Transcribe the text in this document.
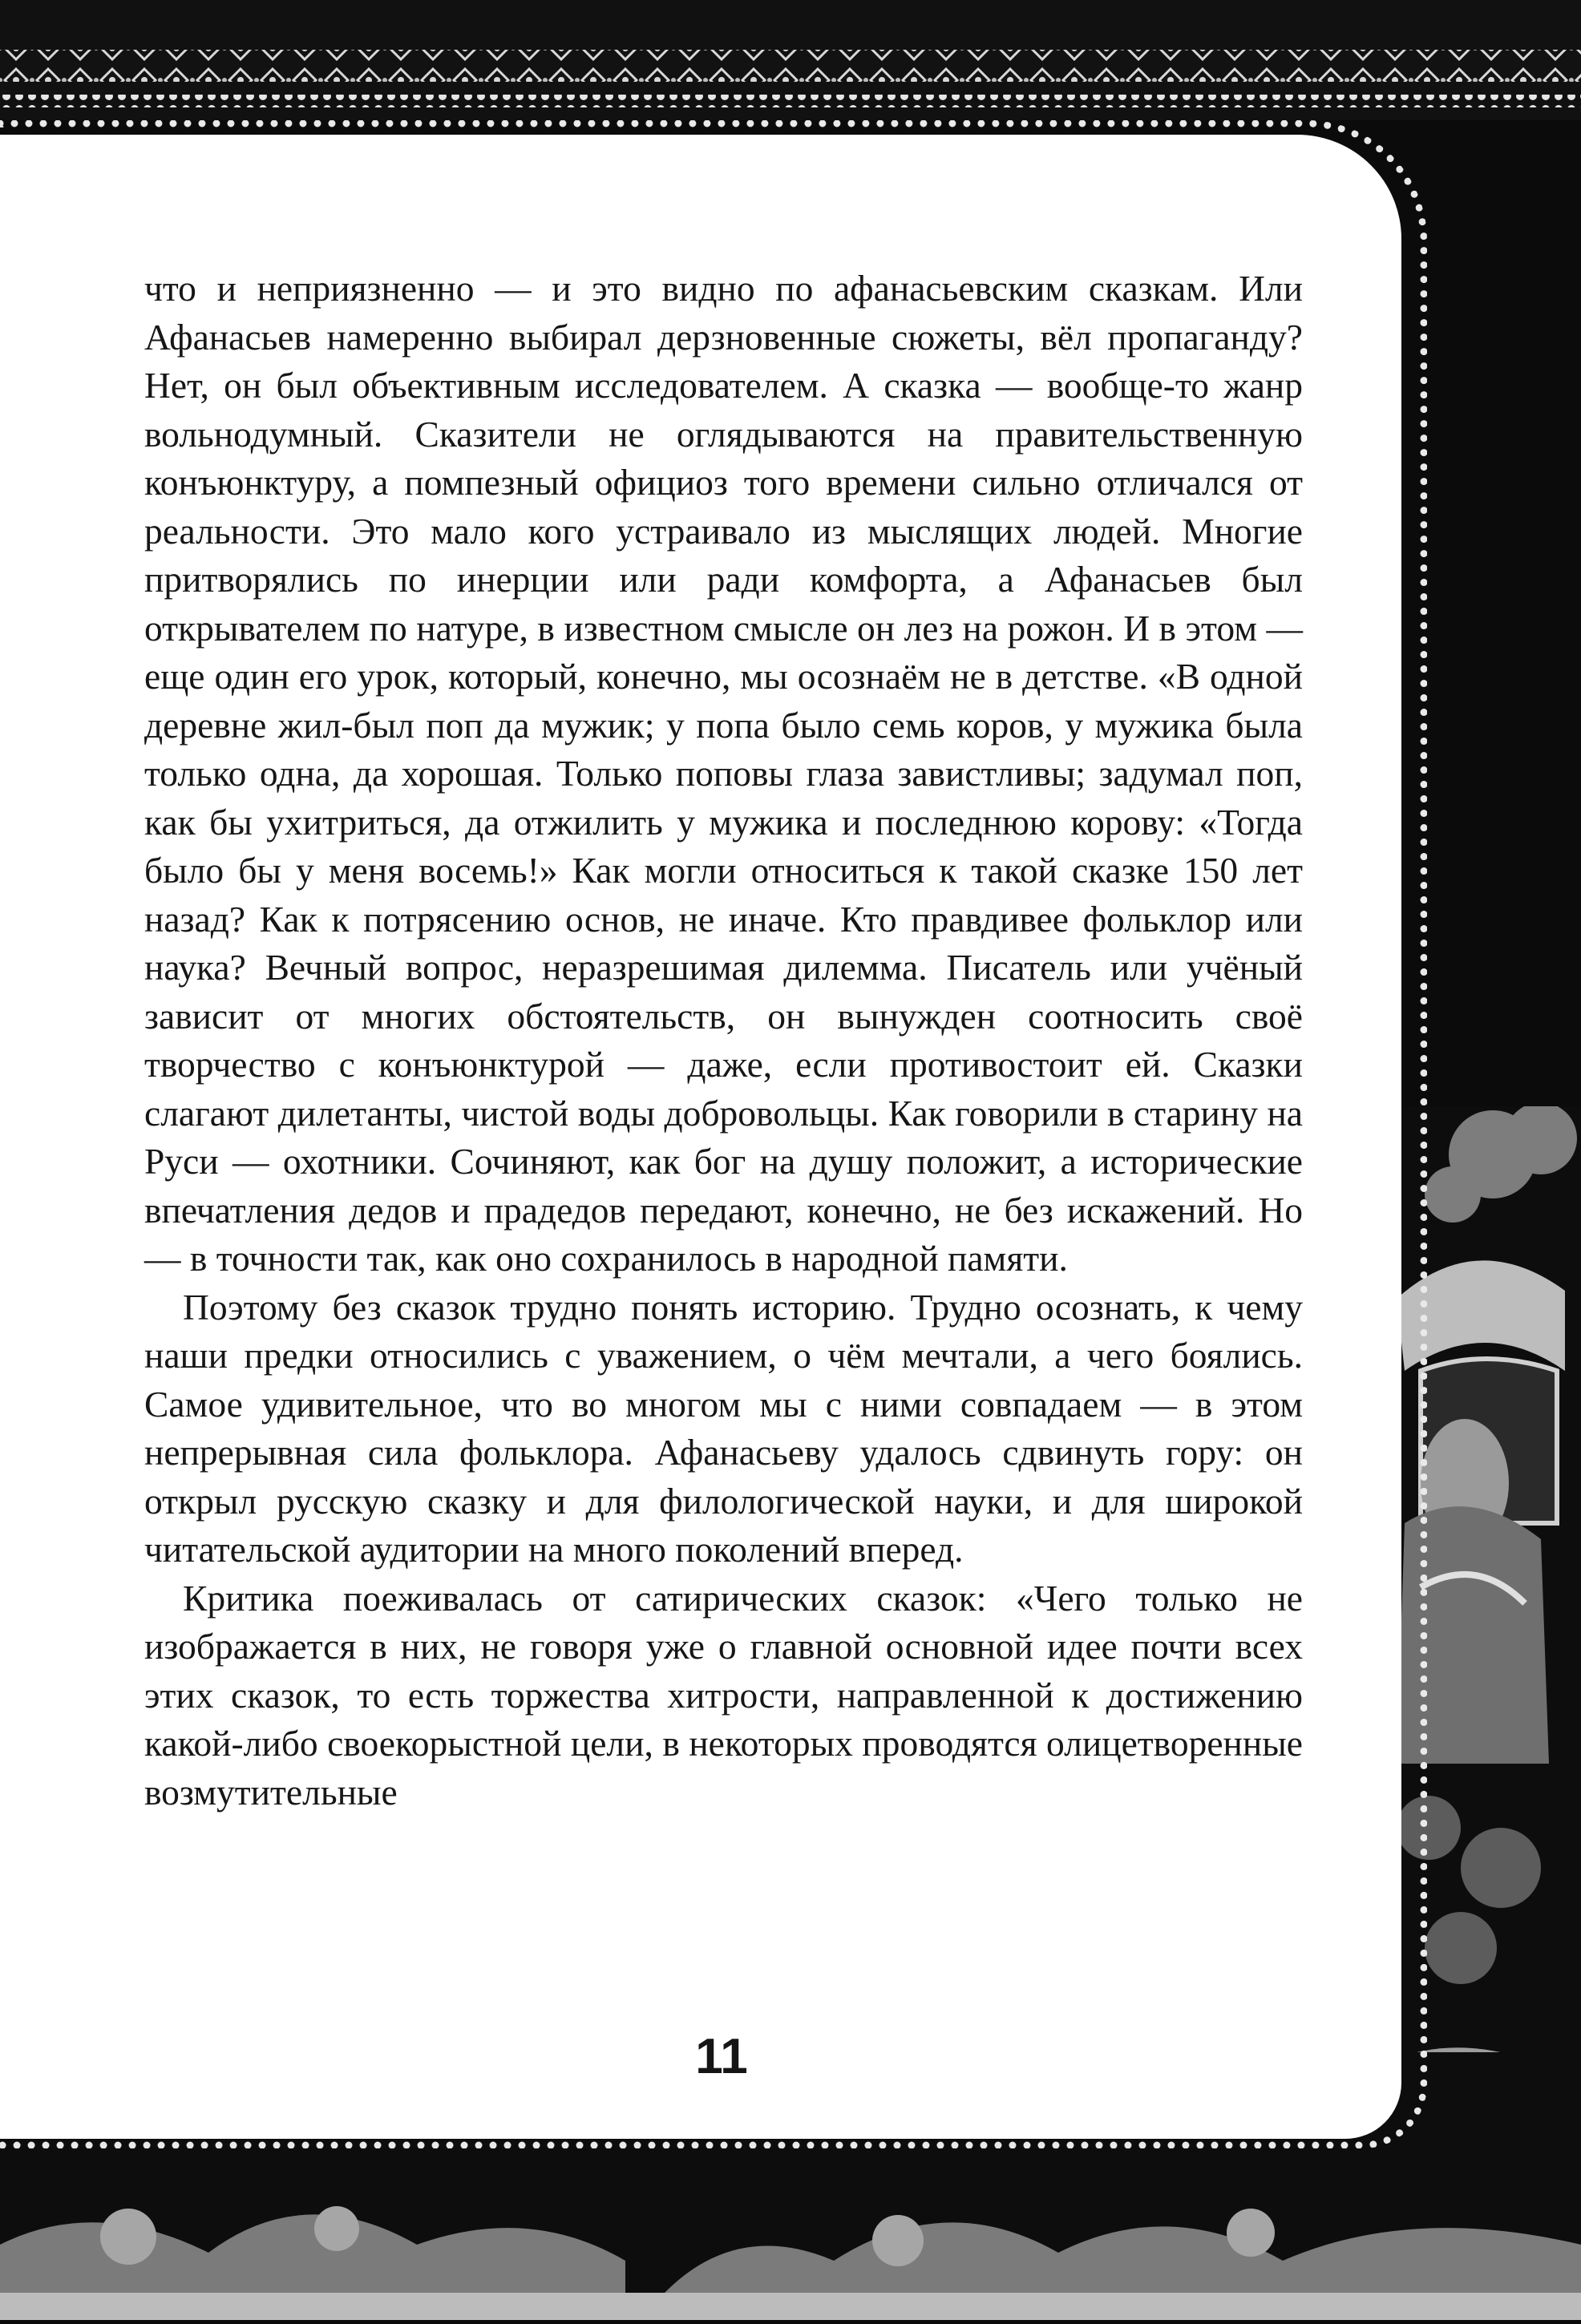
что и неприязненно — и это видно по афанасьевским сказкам. Или Афанасьев намеренно выбирал дерзновенные сюжеты, вёл пропаганду? Нет, он был объективным исследователем. А сказка — вообще-то жанр вольнодумный. Сказители не оглядываются на правительственную конъюнктуру, а помпезный официоз того времени сильно отличался от реальности. Это мало кого устраивало из мыслящих людей. Многие притворялись по инерции или ради комфорта, а Афанасьев был открывателем по натуре, в известном смысле он лез на рожон. И в этом — еще один его урок, который, конечно, мы осознаём не в детстве. «В одной деревне жил-был поп да мужик; у попа было семь коров, у мужика была только одна, да хорошая. Только поповы глаза завистливы; задумал поп, как бы ухитриться, да отжилить у мужика и последнюю корову: «Тогда было бы у меня восемь!» Как могли относиться к такой сказке 150 лет назад? Как к потрясению основ, не иначе. Кто правдивее фольклор или наука? Вечный вопрос, неразрешимая дилемма. Писатель или учёный зависит от многих обстоятельств, он вынужден соотносить своё творчество с конъюнктурой — даже, если противостоит ей. Сказки слагают дилетанты, чистой воды добровольцы. Как говорили в старину на Руси — охотники. Сочиняют, как бог на душу положит, а исторические впечатления дедов и прадедов передают, конечно, не без искажений. Но — в точности так, как оно сохранилось в народной памяти.

Поэтому без сказок трудно понять историю. Трудно осознать, к чему наши предки относились с уважением, о чём мечтали, а чего боялись. Самое удивительное, что во многом мы с ними совпадаем — в этом непрерывная сила фольклора. Афанасьеву удалось сдвинуть гору: он открыл русскую сказку и для филологической науки, и для широкой читательской аудитории на много поколений вперед.

Критика поеживалась от сатирических сказок: «Чего только не изображается в них, не говоря уже о главной основной идее почти всех этих сказок, то есть торжества хитрости, направленной к достижению какой-либо своекорыстной цели, в некоторых проводятся олицетворенные возмутительные

11
